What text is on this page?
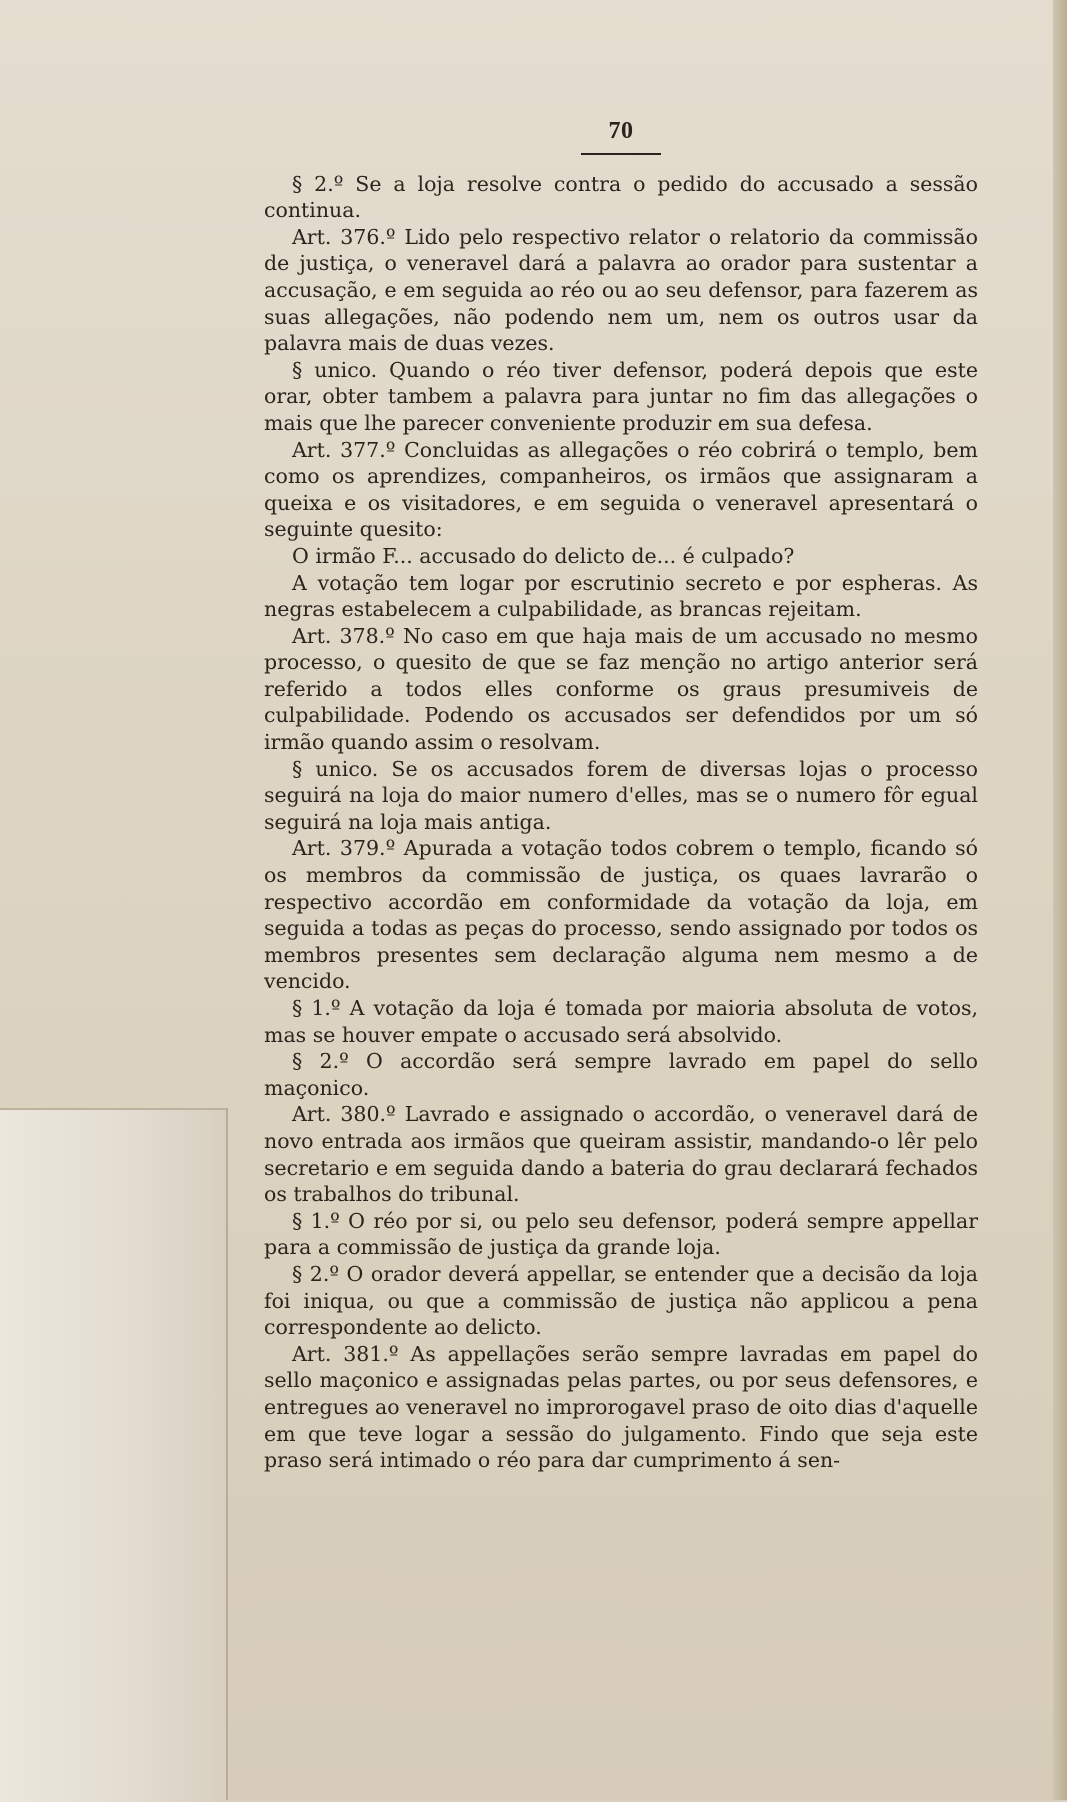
70

§ 2.º Se a loja resolve contra o pedido do accusado a sessão continua.

Art. 376.º Lido pelo respectivo relator o relatorio da commissão de justiça, o veneravel dará a palavra ao orador para sustentar a accusação, e em seguida ao réo ou ao seu defensor, para fazerem as suas allegações, não podendo nem um, nem os outros usar da palavra mais de duas vezes.

§ unico. Quando o réo tiver defensor, poderá depois que este orar, obter tambem a palavra para juntar no fim das allegações o mais que lhe parecer conveniente produzir em sua defesa.

Art. 377.º Concluidas as allegações o réo cobrirá o templo, bem como os aprendizes, companheiros, os irmãos que assignaram a queixa e os visitadores, e em seguida o veneravel apresentará o seguinte quesito:

O irmão F... accusado do delicto de... é culpado?

A votação tem logar por escrutinio secreto e por espheras. As negras estabelecem a culpabilidade, as brancas rejeitam.

Art. 378.º No caso em que haja mais de um accusado no mesmo processo, o quesito de que se faz menção no artigo anterior será referido a todos elles conforme os graus presumiveis de culpabilidade. Podendo os accusados ser defendidos por um só irmão quando assim o resolvam.

§ unico. Se os accusados forem de diversas lojas o processo seguirá na loja do maior numero d'elles, mas se o numero fôr egual seguirá na loja mais antiga.

Art. 379.º Apurada a votação todos cobrem o templo, ficando só os membros da commissão de justiça, os quaes lavrarão o respectivo accordão em conformidade da votação da loja, em seguida a todas as peças do processo, sendo assignado por todos os membros presentes sem declaração alguma nem mesmo a de vencido.

§ 1.º A votação da loja é tomada por maioria absoluta de votos, mas se houver empate o accusado será absolvido.

§ 2.º O accordão será sempre lavrado em papel do sello maçonico.

Art. 380.º Lavrado e assignado o accordão, o veneravel dará de novo entrada aos irmãos que queiram assistir, mandando-o lêr pelo secretario e em seguida dando a bateria do grau declarará fechados os trabalhos do tribunal.

§ 1.º O réo por si, ou pelo seu defensor, poderá sempre appellar para a commissão de justiça da grande loja.

§ 2.º O orador deverá appellar, se entender que a decisão da loja foi iniqua, ou que a commissão de justiça não applicou a pena correspondente ao delicto.

Art. 381.º As appellações serão sempre lavradas em papel do sello maçonico e assignadas pelas partes, ou por seus defensores, e entregues ao veneravel no improrogavel praso de oito dias d'aquelle em que teve logar a sessão do julgamento. Findo que seja este praso será intimado o réo para dar cumprimento á sen-
